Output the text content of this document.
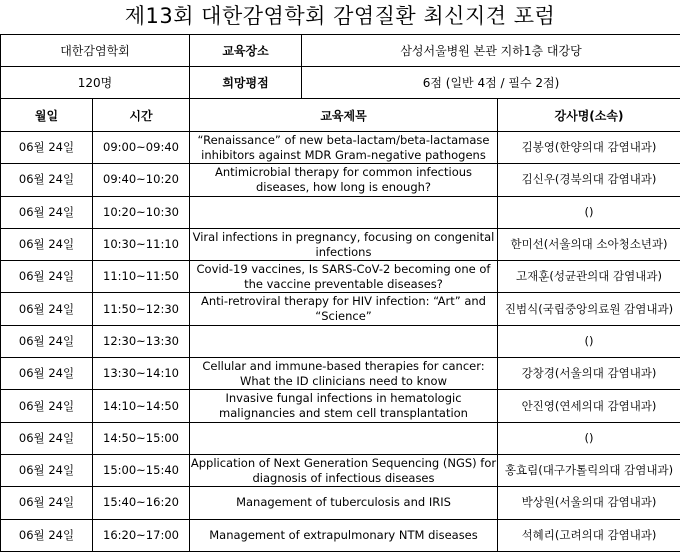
제13회 대한감염학회 감염질환 최신지견 포럼
대한감염학회	교육장소	삼성서울병원 본관 지하1층 대강당
120명	희망평점	6점 (일반 4점 / 필수 2점)
월일	시간	교육제목	강사명(소속)
06월 24일	09:00~09:40	“Renaissance” of new beta-lactam/beta-lactamase inhibitors against MDR Gram-negative pathogens	김봉영(한양의대 감염내과)
06월 24일	09:40~10:20	Antimicrobial therapy for common infectious diseases, how long is enough?	김신우(경북의대 감염내과)
06월 24일	10:20~10:30		()
06월 24일	10:30~11:10	Viral infections in pregnancy, focusing on congenital infections	한미선(서울의대 소아청소년과)
06월 24일	11:10~11:50	Covid-19 vaccines, Is SARS-CoV-2 becoming one of the vaccine preventable diseases?	고재훈(성균관의대 감염내과)
06월 24일	11:50~12:30	Anti-retroviral therapy for HIV infection: “Art” and “Science”	진범식(국립중앙의료원 감염내과)
06월 24일	12:30~13:30		()
06월 24일	13:30~14:10	Cellular and immune-based therapies for cancer: What the ID clinicians need to know	강창경(서울의대 감염내과)
06월 24일	14:10~14:50	Invasive fungal infections in hematologic malignancies and stem cell transplantation	안진영(연세의대 감염내과)
06월 24일	14:50~15:00		()
06월 24일	15:00~15:40	Application of Next Generation Sequencing (NGS) for diagnosis of infectious diseases	홍효림(대구가톨릭의대 감염내과)
06월 24일	15:40~16:20	Management of tuberculosis and IRIS	박상원(서울의대 감염내과)
06월 24일	16:20~17:00	Management of extrapulmonary NTM diseases	석혜리(고려의대 감염내과)
